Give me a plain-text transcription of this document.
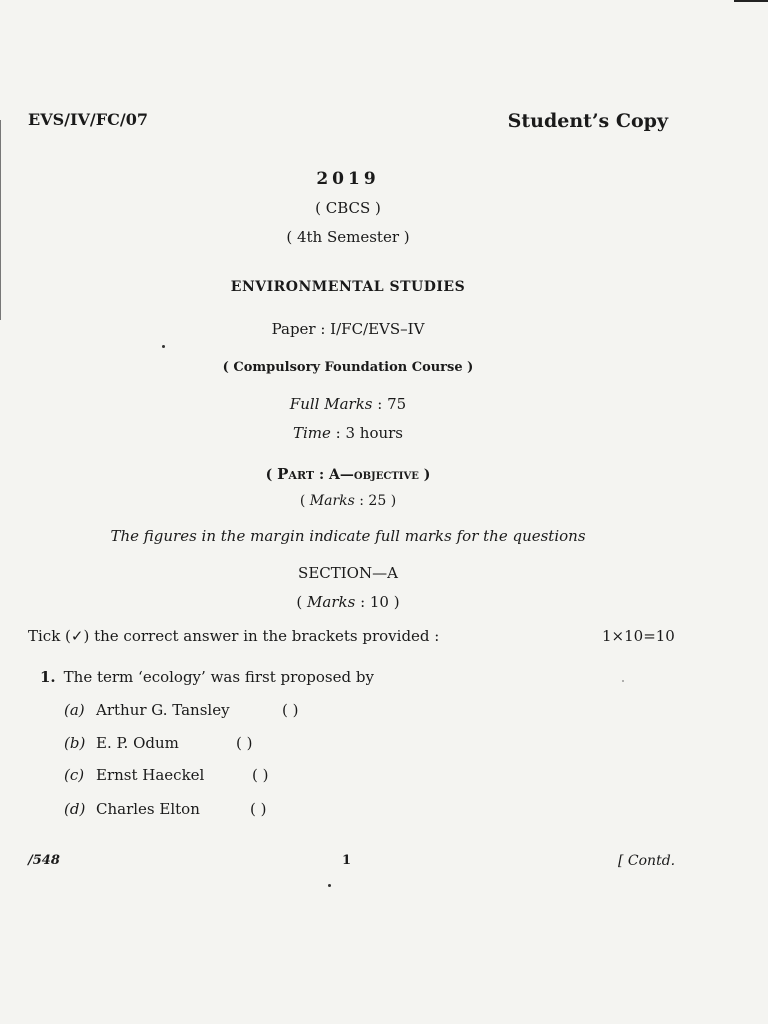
EVS/IV/FC/07	Student’s Copy
2019
( CBCS )
( 4th Semester )
ENVIRONMENTAL STUDIES
Paper : I/FC/EVS–IV
( Compulsory Foundation Course )
Full Marks : 75
Time : 3 hours
( Part : A—objective )
( Marks : 25 )
The figures in the margin indicate full marks for the questions
SECTION—A
( Marks : 10 )
Tick (✓) the correct answer in the brackets provided :	1×10=10
1. The term ‘ecology’ was first proposed by
(a) Arthur G. Tansley	( )
(b) E. P. Odum	( )
(c) Ernst Haeckel	( )
(d) Charles Elton	( )
/548	1	[ Contd.
